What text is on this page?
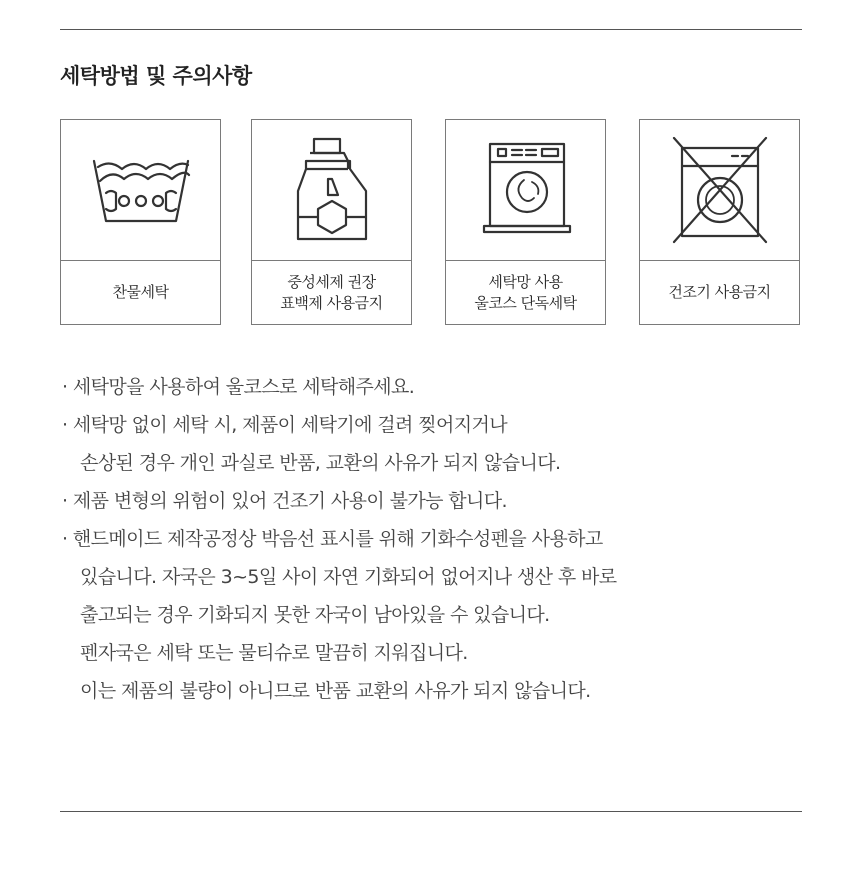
세탁방법 및 주의사항
찬물세탁
중성세제 권장
표백제 사용금지
세탁망 사용
울코스 단독세탁
건조기 사용금지
· 세탁망을 사용하여 울코스로 세탁해주세요.
· 세탁망 없이 세탁 시, 제품이 세탁기에 걸려 찢어지거나
손상된 경우 개인 과실로 반품, 교환의 사유가 되지 않습니다.
· 제품 변형의 위험이 있어 건조기 사용이 불가능 합니다.
· 핸드메이드 제작공정상 박음선 표시를 위해 기화수성펜을 사용하고
있습니다. 자국은 3~5일 사이 자연 기화되어 없어지나 생산 후 바로
출고되는 경우 기화되지 못한 자국이 남아있을 수 있습니다.
펜자국은 세탁 또는 물티슈로 말끔히 지워집니다.
이는 제품의 불량이 아니므로 반품 교환의 사유가 되지 않습니다.
